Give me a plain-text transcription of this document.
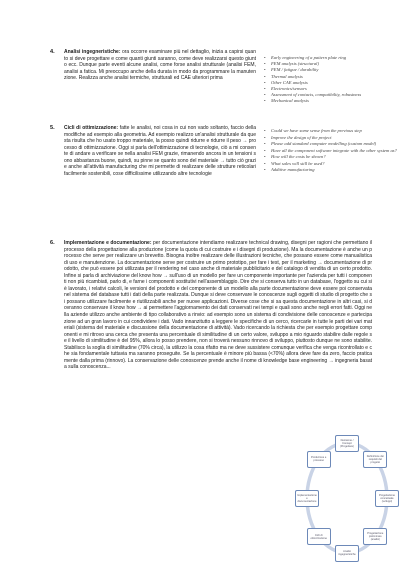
4. Analisi ingegneristiche: ora occorre esaminare più nel dettaglio, inizia a capirsi quanto si deve progettare e come quanti giunti saranno, come deve realizzarsi questo giunto ecc. Dunque parte eventi alcune analisi, come forse analisi strutturale (analisi FEM, analisi a fatica. Mi preoccupo anche della durata in modo da programmare la manutenzione. Realizza anche analisi termiche, strutturali ed CAE ulteriori prima

• Early engineering of a pattern plate ring
• FEM analysis (structural)
• FEM / fatigue / durability
• Thermal analysis
• Other CAE analysis
• Electronics/sensors
• Assessment of contacts, compatibility, robustness
• Mechanical analysis
5. Cicli di ottimizzazione: fatte le analisi, noi cosa in cui non vado soltanto, faccio della modifiche ad esempio alla geometria. Ad esempio realizzo un'analisi strutturale da questa risulta che ho usato troppo materiale, la posso quindi ridurre e ridurre il peso → processo di ottimizzazione. Oggi si parla dell'ottimizzazione di tecnologie, ciò a mi consente di andare a verificare se nella analisi FEM grazie, rimanendo ancora in un tensioni sono abbastanza buone, quindi, su pinne se quanto sono del materiale → tutto ciò grazie anche all'attività manufacturing che mi permette di realizzare delle strutture reticolari facilmente sostenibili, cose difficilissime utilizzando altre tecnologie

• Could we have some sense from the previous step
• Improve the design of the project
• Please add standard computer modelling (custom model)
• Have all the component software integrate with the other system as?
• How will the costs be shown?
• What sales will still be used?
• Additive manufacturing
6. Implementazione e documentazione: per documentazione intendiamo realizzare technical drawing, disegni per ragioni che permettano il processo della progettazione alla produzione (come la quota di cui costruire e i disegni di produzione). Ma la documentazione è anche un processo che serve per realizzare un brevetto. Bisogna inoltre realizzare delle illustrazioni tecniche, che possano essere come manualistica di uso e manutenzione. La documentazione serve per costruire un primo prototipo, per fare i test, per il marketing → documentazione di prodotto, che può essere poi utilizzata per il rendering nel caso anche di materiale pubblicitario e del catalogo di vendita di un certo prodotto. Infine si parla di archiviazione del know how → sull'uso di un modello per fare un componente importante per l'azienda per tutti i componenti non più ricambiati, parlo di, e farne i componenti sostitutivi nell'assemblaggio. Dire che si conserva tutto in un database, l'oggetto su cui si è lavorato, i relativi calcoli, le versioni del prodotto e del componente di un modello alla parte documentazione deve essere poi conservata nel sistema del database tutti i dati della parte realizzata. Dunque si deve conservare le conoscenze sugli oggetti di studio di progetto che si possano utilizzare facilmente e riutilizzabili anche per nuove applicazioni. Diverse cose che si sa questa documentazione in altri casi, si dovranno conservare il know how → ai permettere l'aggiornamento dei dati conservati nei tempi e quali sono anche negli errori fatti. Oggi nella aziende utilizzo anche ambiente di tipo collaborativo a rinvio: ad esempio sono un sistema di condivisione delle conoscenze e partecipazione ad un gran lavoro in cui condividere i dati. Vado innanzitutto a leggere le specifiche di un cerco, ricercarle in tutte le parti dei vari materiali (sistema del materiale e discussione della documentazione di attività). Vado ricercando la richiesta che per esempio progettare componenti e mi ritrovo una cerca che presenta una percentuale di similitudine di un certo valore, sviluppo a mio riguardo stabilire dalle regole se il livello di similitudine è del 95%, allora lo posso prendere, non si troverà nessuno rinnovo di sviluppo, piuttosto dunque ne sono stabilite. Stabilisco la soglia di similitudine (70% circa), la utilizzo la cosa rifatto ma ne deve sussistere comunque verifica che venga ricontrollato e che sia fondamentale tuttavia ma saranno proseguite. Se la percentuale è minore più bassa (<70%) allora deve fare da zero, faccio praticamente dalla prima (rinnovo). La conservazione delle conoscenze prende anche il nome di knowledge base engineering → ingegneria basata sulla conoscenza...

Decisione / Concept (Progettare)
Definizione dei requisiti del progetto
Progettazione concettuale (sviluppi)
Progettazione preliminare (analisi)
Analisi ingegneristiche
Cicli di ottimizzazione
Implementazione e documentazione
Produzione e processo
